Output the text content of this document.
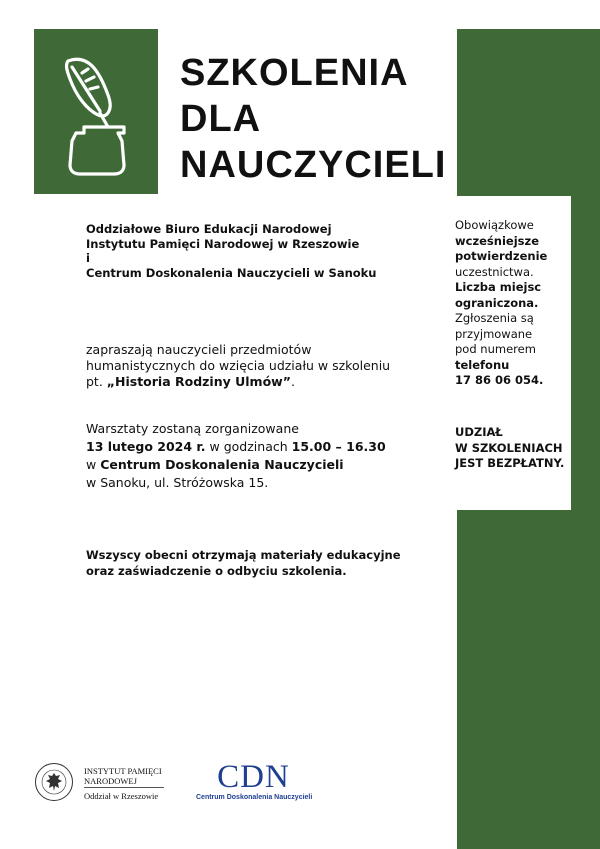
SZKOLENIA
DLA
NAUCZYCIELI
Oddziałowe Biuro Edukacji Narodowej
Instytutu Pamięci Narodowej w Rzeszowie
i
Centrum Doskonalenia Nauczycieli w Sanoku
zapraszają nauczycieli przedmiotów humanistycznych do wzięcia udziału w szkoleniu pt. „Historia Rodziny Ulmów”.
Warsztaty zostaną zorganizowane
13 lutego 2024 r. w godzinach 15.00 – 16.30
w Centrum Doskonalenia Nauczycieli
w Sanoku, ul. Stróżowska 15.
Wszyscy obecni otrzymają materiały edukacyjne
oraz zaświadczenie o odbyciu szkolenia.
Obowiązkowe
wcześniejsze
potwierdzenie
uczestnictwa.
Liczba miejsc
ograniczona.
Zgłoszenia są
przyjmowane
pod numerem
telefonu
17 86 06 054.
UDZIAŁ
W SZKOLENIACH
JEST BEZPŁATNY.
INSTYTUT PAMIĘCI
NARODOWEJ
Oddział w Rzeszowie
CDN
Centrum Doskonalenia Nauczycieli
